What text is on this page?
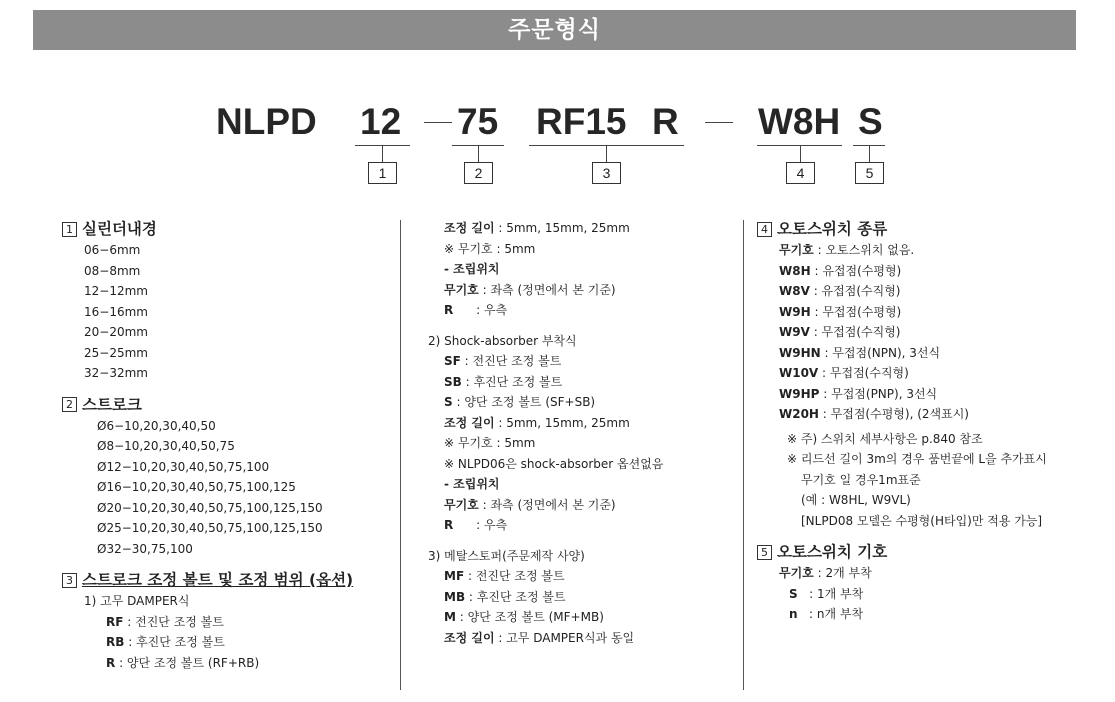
주문형식
NLPD 12 75 RF15 R W8H S
1	2	3	4	5
1 실린더내경
06−6mm
08−8mm
12−12mm
16−16mm
20−20mm
25−25mm
32−32mm
2 스트로크
Ø6−10,20,30,40,50
Ø8−10,20,30,40,50,75
Ø12−10,20,30,40,50,75,100
Ø16−10,20,30,40,50,75,100,125
Ø20−10,20,30,40,50,75,100,125,150
Ø25−10,20,30,40,50,75,100,125,150
Ø32−30,75,100
3 스트로크 조정 볼트 및 조정 범위 (옵션)
1) 고무 DAMPER식
RF : 전진단 조정 볼트
RB : 후진단 조정 볼트
R : 양단 조정 볼트 (RF+RB)
조정 길이 : 5mm, 15mm, 25mm
※ 무기호 : 5mm
- 조립위치
무기호 : 좌측 (정면에서 본 기준)
R      : 우측
2) Shock-absorber 부착식
SF : 전진단 조정 볼트
SB : 후진단 조정 볼트
S : 양단 조정 볼트 (SF+SB)
조정 길이 : 5mm, 15mm, 25mm
※ 무기호 : 5mm
※ NLPD06은 shock-absorber 옵션없음
- 조립위치
무기호 : 좌측 (정면에서 본 기준)
R      : 우측
3) 메탈스토퍼(주문제작 사양)
MF : 전진단 조정 볼트
MB : 후진단 조정 볼트
M : 양단 조정 볼트 (MF+MB)
조정 길이 : 고무 DAMPER식과 동일
4 오토스위치 종류
무기호 : 오토스위치 없음.
W8H : 유접점(수평형)
W8V : 유접점(수직형)
W9H : 무접점(수평형)
W9V : 무접점(수직형)
W9HN : 무접점(NPN), 3선식
W10V : 무접점(수직형)
W9HP : 무접점(PNP), 3선식
W20H : 무접점(수평형), (2색표시)
※ 주) 스위치 세부사항은 p.840 참조
※ 리드선 길이 3m의 경우 품번끝에 L을 추가표시
무기호 일 경우1m표준
(예 : W8HL, W9VL)
[NLPD08 모델은 수평형(H타입)만 적용 가능]
5 오토스위치 기호
무기호 : 2개 부착
S   : 1개 부착
n   : n개 부착
